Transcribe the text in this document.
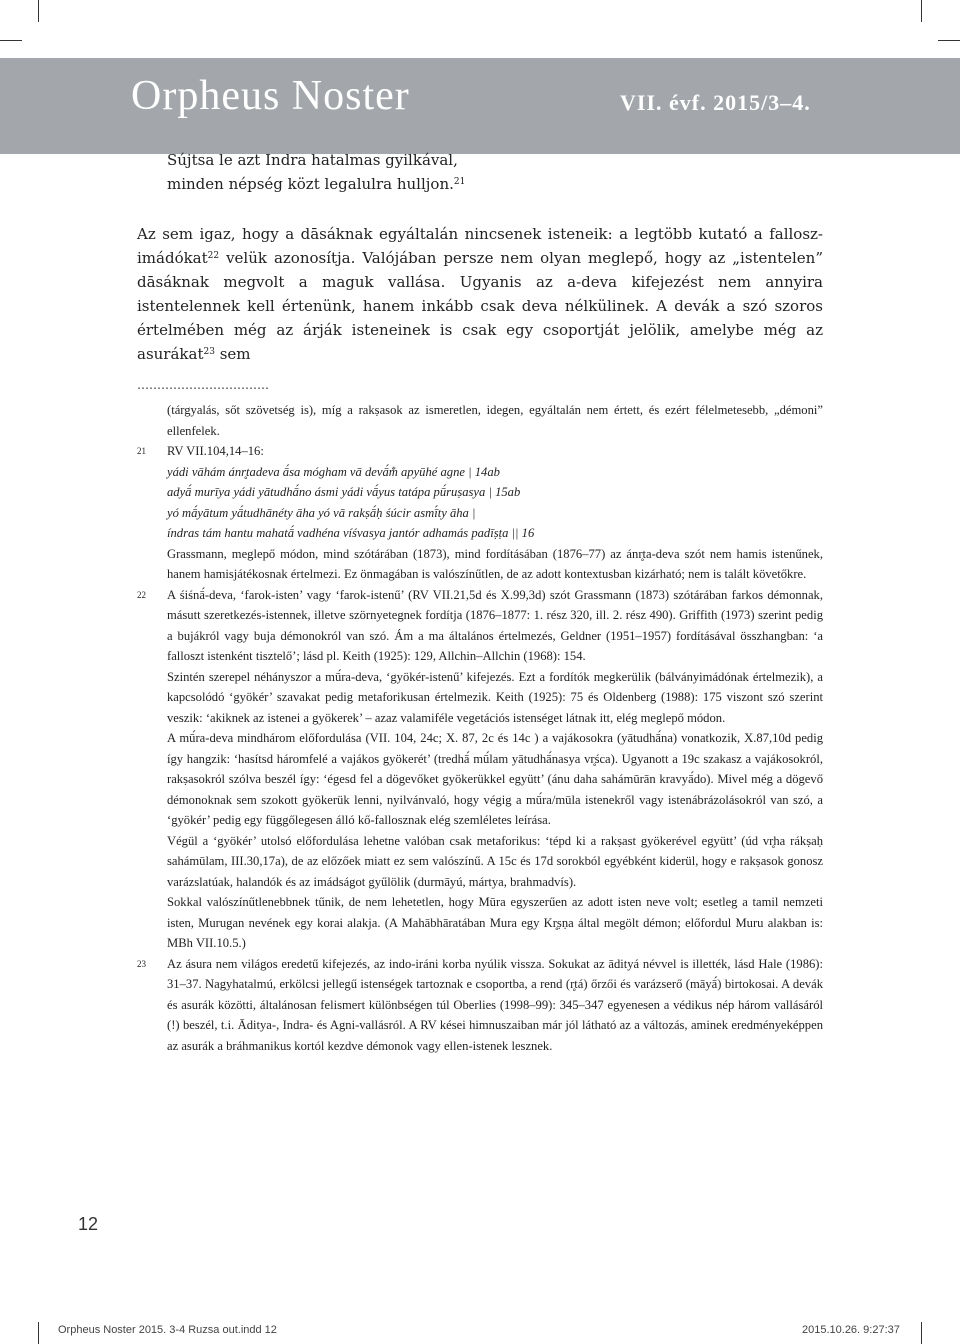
Orpheus Noster	VII. évf. 2015/3–4.
Sújtsa le azt Indra hatalmas gyilkával,
minden népség közt legalulra hulljon.$^{21}$

Az sem igaz, hogy a dāsáknak egyáltalán nincsenek isteneik: a legtöbb kutató a fallosz-imádókat$^{22}$ velük azonosítja. Valójában persze nem olyan meglepő, hogy az „istentelen” dāsáknak megvolt a maguk vallása. Ugyanis az a-deva kifejezést nem annyira istentelennek kell értenünk, hanem inkább csak deva nélkülinek. A devák a szó szoros értelmében még az árják isteneinek is csak egy csoportját jelölik, amelybe még az asurákat$^{23}$ sem

……………………………

(tárgyalás, sőt szövetség is), míg a rakṣasok az ismeretlen, idegen, egyáltalán nem értett, és ezért félelmetesebb, „démoni” ellenfelek.

21 RV VII.104,14–16:

yádi vāhám ánr̥tadeva ā́sa mógham vā devā́m̐ apyūhé agne | 14ab

adyā́ murīya yádi yātudhā́no ásmi yádi vā́yus tatápa pū́ruṣasya | 15ab

yó mā́yātum yā́tudhānéty āha yó vā rakṣā́ḥ śúcir asmī́ty āha |

índras tám hantu mahatā́ vadhéna víśvasya jantór adhamás padīṣṭa || 16

Grassmann, meglepő módon, mind szótárában (1873), mind fordításában (1876–77) az ánr̥ta-deva szót nem hamis istenűnek, hanem hamisjátékosnak értelmezi. Ez önmagában is valószínűtlen, de az adott kontextusban kizárható; nem is talált követőkre.

22 A śiśnā́-deva, ‘farok-isten’ vagy ‘farok-istenű’ (RV VII.21,5d és X.99,3d) szót Grassmann (1873) szótárában farkos démonnak, másutt szeretkezés-istennek, illetve szörnyetegnek fordítja (1876–1877: 1. rész 320, ill. 2. rész 490). Griffith (1973) szerint pedig a bujákról vagy buja démonokról van szó. Ám a ma általános értelmezés, Geldner (1951–1957) fordításával összhangban: ‘a falloszt istenként tisztelő’; lásd pl. Keith (1925): 129, Allchin–Allchin (1968): 154.

Szintén szerepel néhányszor a mū́ra-deva, ‘gyökér-istenű’ kifejezés. Ezt a fordítók megkerülik (bálványimádónak értelmezik), a kapcsolódó ‘gyökér’ szavakat pedig metaforikusan értelmezik. Keith (1925): 75 és Oldenberg (1988): 175 viszont szó szerint veszik: ‘akiknek az istenei a gyökerek’ – azaz valamiféle vegetációs istenséget látnak itt, elég meglepő módon.

A mū́ra-deva mindhárom előfordulása (VII. 104, 24c; X. 87, 2c és 14c ) a vajákosokra (yātudhā́na) vonatkozik, X.87,10d pedig így hangzik: ‘hasítsd háromfelé a vajákos gyökerét’ (tredhā́ mū́lam yātudhā́nasya vr̥śca). Ugyanott a 19c szakasz a vajákosokról, rakṣasokról szólva beszél így: ‘égesd fel a dögevőket gyökerükkel együtt’ (ánu daha sahámūrān kravyā́do). Mivel még a dögevő démonoknak sem szokott gyökerük lenni, nyilvánvaló, hogy végig a mū́ra/mūla istenekről vagy istenábrázolásokról van szó, a ‘gyökér’ pedig egy függőlegesen álló kő-fallosznak elég szemléletes leírása.

Végül a ‘gyökér’ utolsó előfordulása lehetne valóban csak metaforikus: ‘tépd ki a rakṣast gyökerével együtt’ (úd vr̥ha rákṣaḥ sahámūlam, III.30,17a), de az előzőek miatt ez sem valószínű. A 15c és 17d sorokból egyébként kiderül, hogy e rakṣasok gonosz varázslatúak, halandók és az imádságot gyűlölik (durmāyú, mártya, brahmadvís).

Sokkal valószínűtlenebbnek tűnik, de nem lehetetlen, hogy Mūra egyszerűen az adott isten neve volt; esetleg a tamil nemzeti isten, Murugan nevének egy korai alakja. (A Mahābhāratában Mura egy Kr̥ṣṇa által megölt démon; előfordul Muru alakban is: MBh VII.10.5.)

23 Az ásura nem világos eredetű kifejezés, az indo-iráni korba nyúlik vissza. Sokukat az ādityá névvel is illették, lásd Hale (1986): 31–37. Nagyhatalmú, erkölcsi jellegű istenségek tartoznak e csoportba, a rend (r̥tá) őrzői és varázserő (māyā́) birtokosai. A devák és asurák közötti, általánosan felismert különbségen túl Oberlies (1998–99): 345–347 egyenesen a védikus nép három vallásáról (!) beszél, t.i. Āditya-, Indra- és Agni-vallásról. A RV kései himnuszaiban már jól látható az a változás, aminek eredményeképpen az asurák a bráhmanikus kortól kezdve démonok vagy ellen-istenek lesznek.

12
Orpheus Noster 2015. 3-4 Ruzsa out.indd 12	2015.10.26. 9:27:37
